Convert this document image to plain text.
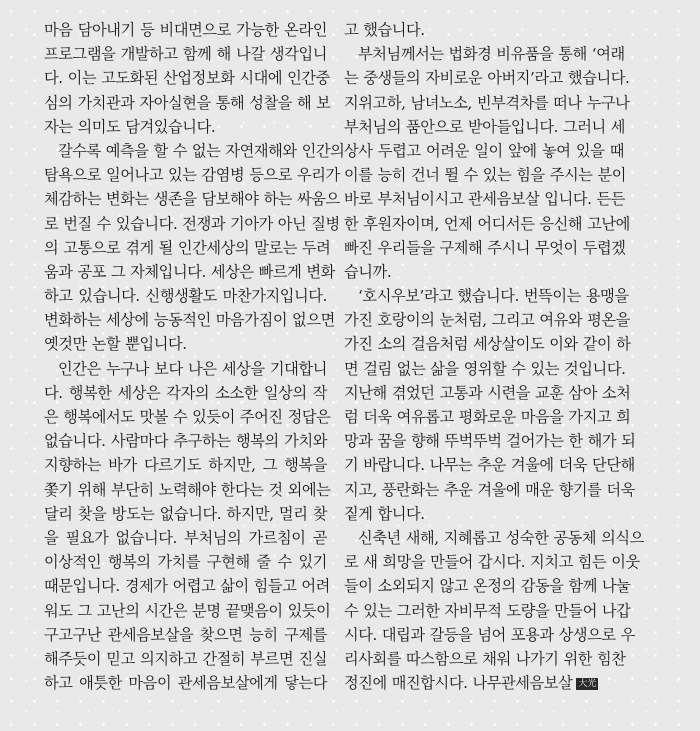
마음 담아내기 등 비대면으로 가능한 온라인
프로그램을 개발하고 함께 해 나갈 생각입니
다. 이는 고도화된 산업정보화 시대에 인간중
심의 가치관과 자아실현을 통해 성찰을 해 보
자는 의미도 담겨있습니다.
갈수록 예측을 할 수 없는 자연재해와 인간의
탐욕으로 일어나고 있는 감염병 등으로 우리가
체감하는 변화는 생존을 담보해야 하는 싸움으
로 번질 수 있습니다. 전쟁과 기아가 아닌 질병
의 고통으로 겪게 될 인간세상의 말로는 두려
움과 공포 그 자체입니다. 세상은 빠르게 변화
하고 있습니다. 신행생활도 마찬가지입니다.
변화하는 세상에 능동적인 마음가짐이 없으면
옛것만 논할 뿐입니다.
인간은 누구나 보다 나은 세상을 기대합니
다. 행복한 세상은 각자의 소소한 일상의 작
은 행복에서도 맛볼 수 있듯이 주어진 정답은
없습니다. 사람마다 추구하는 행복의 가치와
지향하는 바가 다르기도 하지만, 그 행복을
쫓기 위해 부단히 노력해야 한다는 것 외에는
달리 찾을 방도는 없습니다. 하지만, 멀리 찾
을 필요가 없습니다. 부처님의 가르침이 곧
이상적인 행복의 가치를 구현해 줄 수 있기
때문입니다. 경제가 어렵고 삶이 힘들고 어려
워도 그 고난의 시간은 분명 끝맺음이 있듯이
구고구난 관세음보살을 찾으면 능히 구제를
해주듯이 믿고 의지하고 간절히 부르면 진실
하고 애틋한 마음이 관세음보살에게 닿는다
고 했습니다.
부처님께서는 법화경 비유품을 통해 ‘여래
는 중생들의 자비로운 아버지’라고 했습니다.
지위고하, 남녀노소, 빈부격차를 떠나 누구나
부처님의 품안으로 받아들입니다. 그러니 세
상사 두렵고 어려운 일이 앞에 놓여 있을 때
이를 능히 건너 뛸 수 있는 힘을 주시는 분이
바로 부처님이시고 관세음보살 입니다. 든든
한 후원자이며, 언제 어디서든 응신해 고난에
빠진 우리들을 구제해 주시니 무엇이 두렵겠
습니까.
‘호시우보’라고 했습니다. 번뜩이는 용맹을
가진 호랑이의 눈처럼, 그리고 여유와 평온을
가진 소의 걸음처럼 세상살이도 이와 같이 하
면 걸림 없는 삶을 영위할 수 있는 것입니다.
지난해 겪었던 고통과 시련을 교훈 삼아 소처
럼 더욱 여유롭고 평화로운 마음을 가지고 희
망과 꿈을 향해 뚜벅뚜벅 걸어가는 한 해가 되
기 바랍니다. 나무는 추운 겨울에 더욱 단단해
지고, 풍란화는 추운 겨울에 매운 향기를 더욱
짙게 합니다.
신축년 새해, 지혜롭고 성숙한 공동체 의식으
로 새 희망을 만들어 갑시다. 지치고 힘든 이웃
들이 소외되지 않고 온정의 감동을 함께 나눌
수 있는 그러한 자비무적 도량을 만들어 나갑
시다. 대립과 갈등을 넘어 포용과 상생으로 우
리사회를 따스함으로 채워 나가기 위한 힘찬
정진에 매진합시다. 나무관세음보살 大光
